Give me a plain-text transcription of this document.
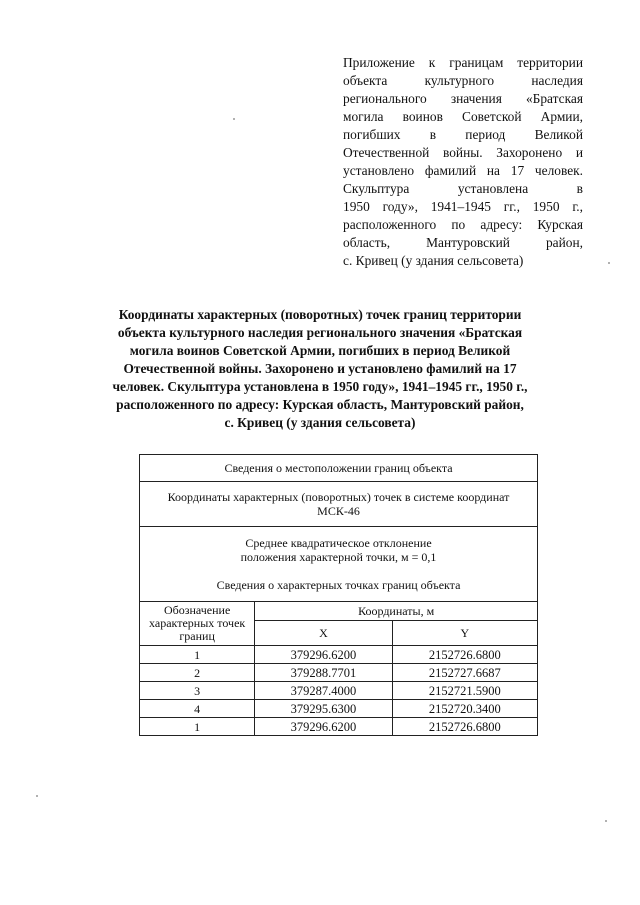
Приложение к границам территории
объекта культурного наследия
регионального значения «Братская
могила воинов Советской Армии,
погибших в период Великой
Отечественной войны. Захоронено и
установлено фамилий на 17 человек.
Скульптура установлена в
1950 году», 1941–1945 гг., 1950 г.,
расположенного по адресу: Курская
область, Мантуровский район,
с. Кривец (у здания сельсовета)
Координаты характерных (поворотных) точек границ территории
объекта культурного наследия регионального значения «Братская
могила воинов Советской Армии, погибших в период Великой
Отечественной войны. Захоронено и установлено фамилий на 17
человек. Скульптура установлена в 1950 году», 1941–1945 гг., 1950 г.,
расположенного по адресу: Курская область, Мантуровский район,
с. Кривец (у здания сельсовета)
Сведения о местоположении границ объекта		

Координаты характерных (поворотных) точек в системе координат
МСК-46		

Среднее квадратическое отклонение
положения характерной точки, м = 0,1
Сведения о характерных точках границ объекта		

Обозначение
характерных точек
границ	Координаты, м	
	X	Y
1	379296.6200	2152726.6800
2	379288.7701	2152727.6687
3	379287.4000	2152721.5900
4	379295.6300	2152720.3400
1	379296.6200	2152726.6800
